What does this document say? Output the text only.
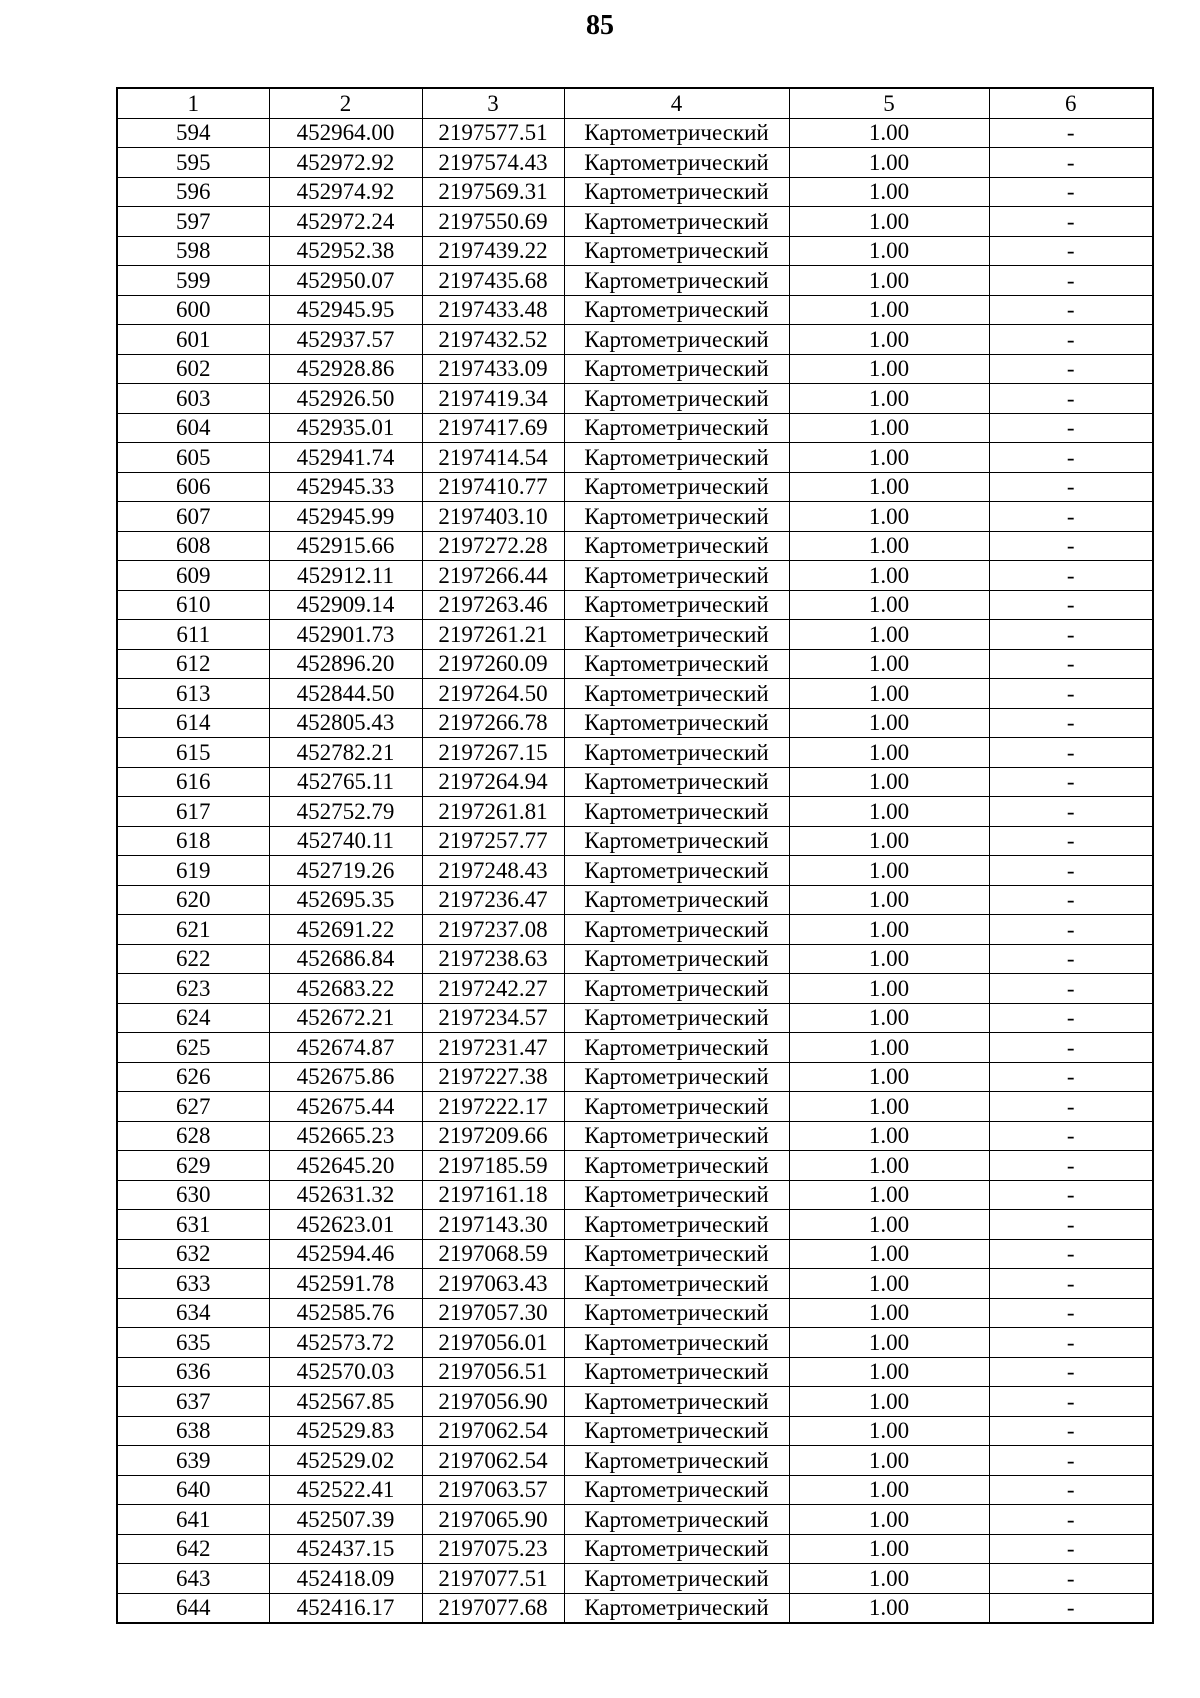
85
1	2	3	4	5	6
594	452964.00	2197577.51	Картометрический	1.00	-
595	452972.92	2197574.43	Картометрический	1.00	-
596	452974.92	2197569.31	Картометрический	1.00	-
597	452972.24	2197550.69	Картометрический	1.00	-
598	452952.38	2197439.22	Картометрический	1.00	-
599	452950.07	2197435.68	Картометрический	1.00	-
600	452945.95	2197433.48	Картометрический	1.00	-
601	452937.57	2197432.52	Картометрический	1.00	-
602	452928.86	2197433.09	Картометрический	1.00	-
603	452926.50	2197419.34	Картометрический	1.00	-
604	452935.01	2197417.69	Картометрический	1.00	-
605	452941.74	2197414.54	Картометрический	1.00	-
606	452945.33	2197410.77	Картометрический	1.00	-
607	452945.99	2197403.10	Картометрический	1.00	-
608	452915.66	2197272.28	Картометрический	1.00	-
609	452912.11	2197266.44	Картометрический	1.00	-
610	452909.14	2197263.46	Картометрический	1.00	-
611	452901.73	2197261.21	Картометрический	1.00	-
612	452896.20	2197260.09	Картометрический	1.00	-
613	452844.50	2197264.50	Картометрический	1.00	-
614	452805.43	2197266.78	Картометрический	1.00	-
615	452782.21	2197267.15	Картометрический	1.00	-
616	452765.11	2197264.94	Картометрический	1.00	-
617	452752.79	2197261.81	Картометрический	1.00	-
618	452740.11	2197257.77	Картометрический	1.00	-
619	452719.26	2197248.43	Картометрический	1.00	-
620	452695.35	2197236.47	Картометрический	1.00	-
621	452691.22	2197237.08	Картометрический	1.00	-
622	452686.84	2197238.63	Картометрический	1.00	-
623	452683.22	2197242.27	Картометрический	1.00	-
624	452672.21	2197234.57	Картометрический	1.00	-
625	452674.87	2197231.47	Картометрический	1.00	-
626	452675.86	2197227.38	Картометрический	1.00	-
627	452675.44	2197222.17	Картометрический	1.00	-
628	452665.23	2197209.66	Картометрический	1.00	-
629	452645.20	2197185.59	Картометрический	1.00	-
630	452631.32	2197161.18	Картометрический	1.00	-
631	452623.01	2197143.30	Картометрический	1.00	-
632	452594.46	2197068.59	Картометрический	1.00	-
633	452591.78	2197063.43	Картометрический	1.00	-
634	452585.76	2197057.30	Картометрический	1.00	-
635	452573.72	2197056.01	Картометрический	1.00	-
636	452570.03	2197056.51	Картометрический	1.00	-
637	452567.85	2197056.90	Картометрический	1.00	-
638	452529.83	2197062.54	Картометрический	1.00	-
639	452529.02	2197062.54	Картометрический	1.00	-
640	452522.41	2197063.57	Картометрический	1.00	-
641	452507.39	2197065.90	Картометрический	1.00	-
642	452437.15	2197075.23	Картометрический	1.00	-
643	452418.09	2197077.51	Картометрический	1.00	-
644	452416.17	2197077.68	Картометрический	1.00	-
